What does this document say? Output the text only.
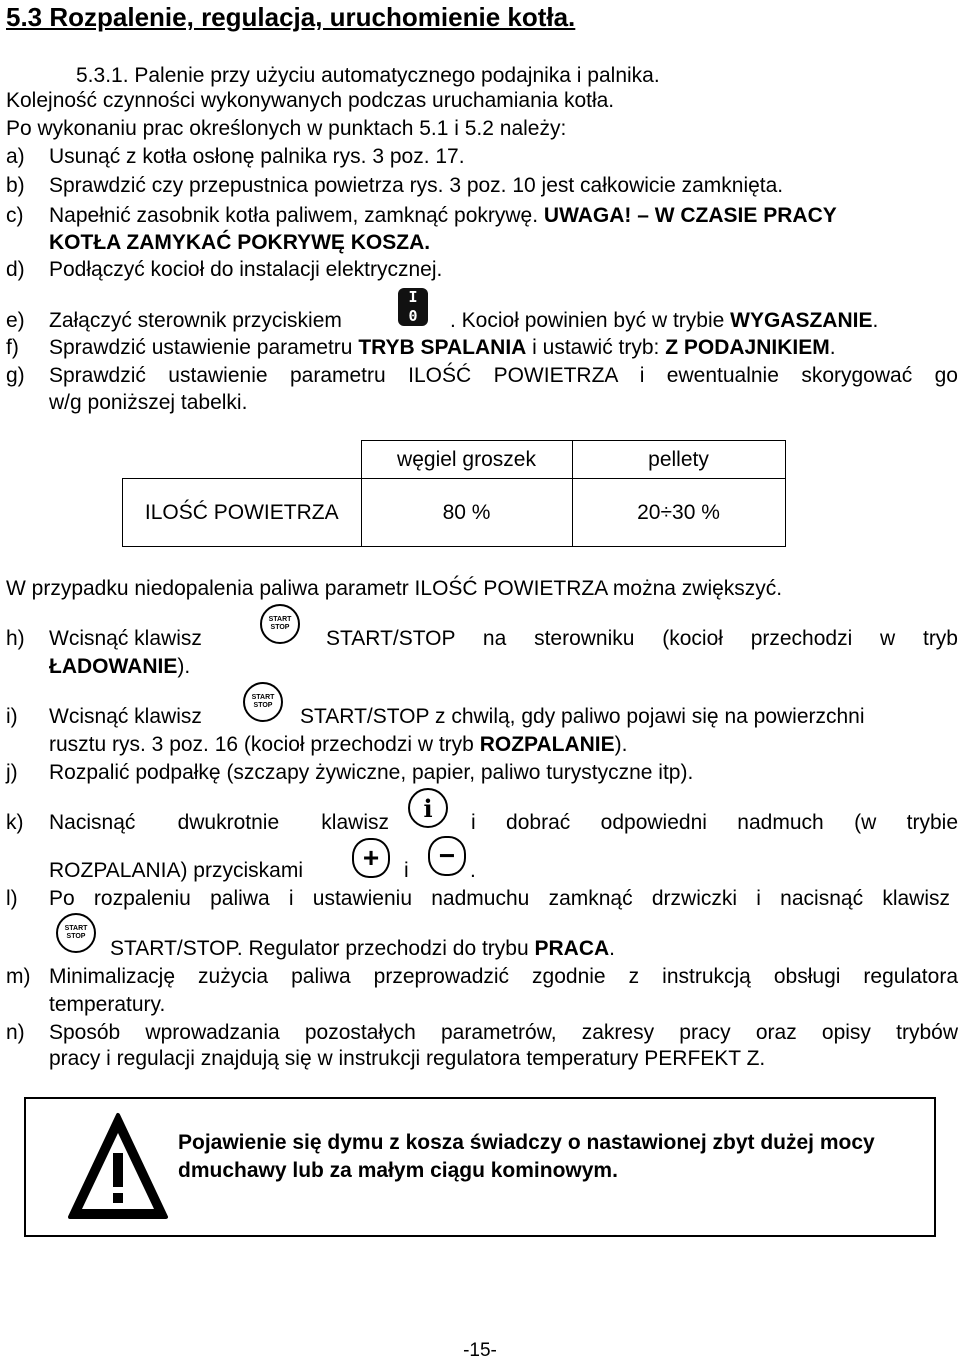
5.3 Rozpalenie, regulacja, uruchomienie kotła.
5.3.1. Palenie przy użyciu automatycznego podajnika i palnika.
Kolejność czynności wykonywanych podczas uruchamiania kotła.
Po wykonaniu prac określonych w punktach 5.1 i 5.2 należy:
a) Usunąć z kotła osłonę palnika rys. 3 poz. 17.
b) Sprawdzić czy przepustnica powietrza rys. 3 poz. 10 jest całkowicie zamknięta.
c) Napełnić zasobnik kotła paliwem, zamknąć pokrywę. UWAGA! – W CZASIE PRACY
KOTŁA ZAMYKAĆ POKRYWĘ KOSZA.
d) Podłączyć kocioł do instalacji elektrycznej.
e) Załączyć sterownik przyciskiem	. Kocioł powinien być w trybie WYGASZANIE.
I
0
f) Sprawdzić ustawienie parametru TRYB SPALANIA i ustawić tryb: Z PODAJNIKIEM.
g) Sprawdzić ustawienie parametru ILOŚĆ POWIETRZA i ewentualnie skorygować go
w/g poniższej tabelki.
	węgiel groszek	pellety
ILOŚĆ POWIETRZA	80 %	20÷30 %
W przypadku niedopalenia paliwa parametr ILOŚĆ POWIETRZA można zwiększyć.
h) Wcisnąć klawisz	START/STOP na sterowniku (kocioł przechodzi w tryb
START
STOP
ŁADOWANIE).
i) Wcisnąć klawisz	START/STOP z chwilą, gdy paliwo pojawi się na powierzchni
START
STOP
rusztu rys. 3 poz. 16 (kocioł przechodzi w tryb ROZPALANIE).
j) Rozpalić podpałkę (szczapy żywiczne, papier, paliwo turystyczne itp).
k) Nacisnąć dwukrotnie klawisz	i dobrać odpowiedni nadmuch (w trybie
i
ROZPALANIA) przyciskami + i − .
l) Po rozpaleniu paliwa i ustawieniu nadmuchu zamknąć drzwiczki i nacisnąć klawisz
START
STOP
START/STOP. Regulator przechodzi do trybu PRACA.
m) Minimalizację zużycia paliwa przeprowadzić zgodnie z instrukcją obsługi regulatora
temperatury.
n) Sposób wprowadzania pozostałych parametrów, zakresy pracy oraz opisy trybów
pracy i regulacji znajdują się w instrukcji regulatora temperatury PERFEKT Z.
Pojawienie się dymu z kosza świadczy o nastawionej zbyt dużej mocy dmuchawy lub za małym ciągu kominowym.
-15-
